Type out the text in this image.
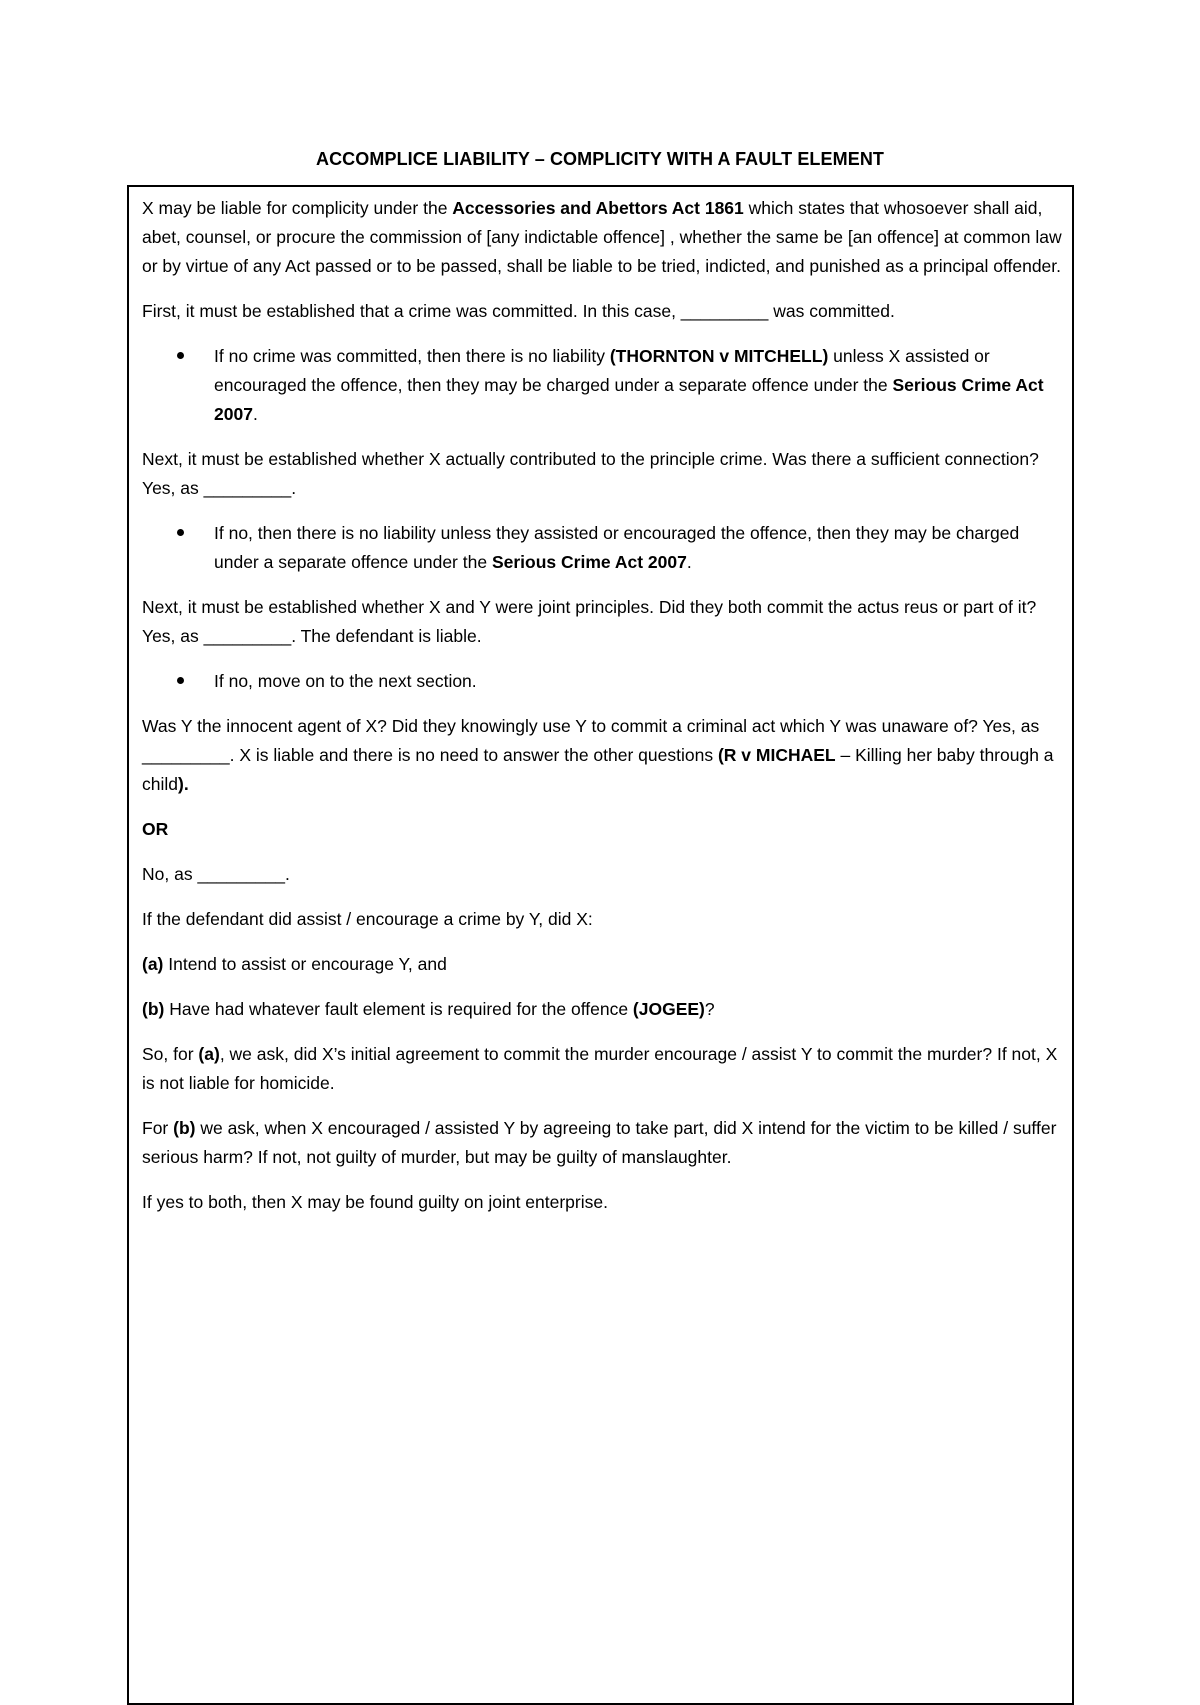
ACCOMPLICE LIABILITY – COMPLICITY WITH A FAULT ELEMENT

X may be liable for complicity under the Accessories and Abettors Act 1861 which states that whosoever shall aid, abet, counsel, or procure the commission of [any indictable offence] , whether the same be [an offence] at common law or by virtue of any Act passed or to be passed, shall be liable to be tried, indicted, and punished as a principal offender.

First, it must be established that a crime was committed. In this case, _________ was committed.

If no crime was committed, then there is no liability (THORNTON v MITCHELL) unless X assisted or encouraged the offence, then they may be charged under a separate offence under the Serious Crime Act 2007.

Next, it must be established whether X actually contributed to the principle crime. Was there a sufficient connection? Yes, as _________.

If no, then there is no liability unless they assisted or encouraged the offence, then they may be charged under a separate offence under the Serious Crime Act 2007.

Next, it must be established whether X and Y were joint principles. Did they both commit the actus reus or part of it? Yes, as _________. The defendant is liable.

If no, move on to the next section.

Was Y the innocent agent of X? Did they knowingly use Y to commit a criminal act which Y was unaware of? Yes, as _________. X is liable and there is no need to answer the other questions (R v MICHAEL – Killing her baby through a child).

OR

No, as _________.

If the defendant did assist / encourage a crime by Y, did X:

(a) Intend to assist or encourage Y, and

(b) Have had whatever fault element is required for the offence (JOGEE)?

So, for (a), we ask, did X’s initial agreement to commit the murder encourage / assist Y to commit the murder? If not, X is not liable for homicide.

For (b) we ask, when X encouraged / assisted Y by agreeing to take part, did X intend for the victim to be killed / suffer serious harm? If not, not guilty of murder, but may be guilty of manslaughter.

If yes to both, then X may be found guilty on joint enterprise.
